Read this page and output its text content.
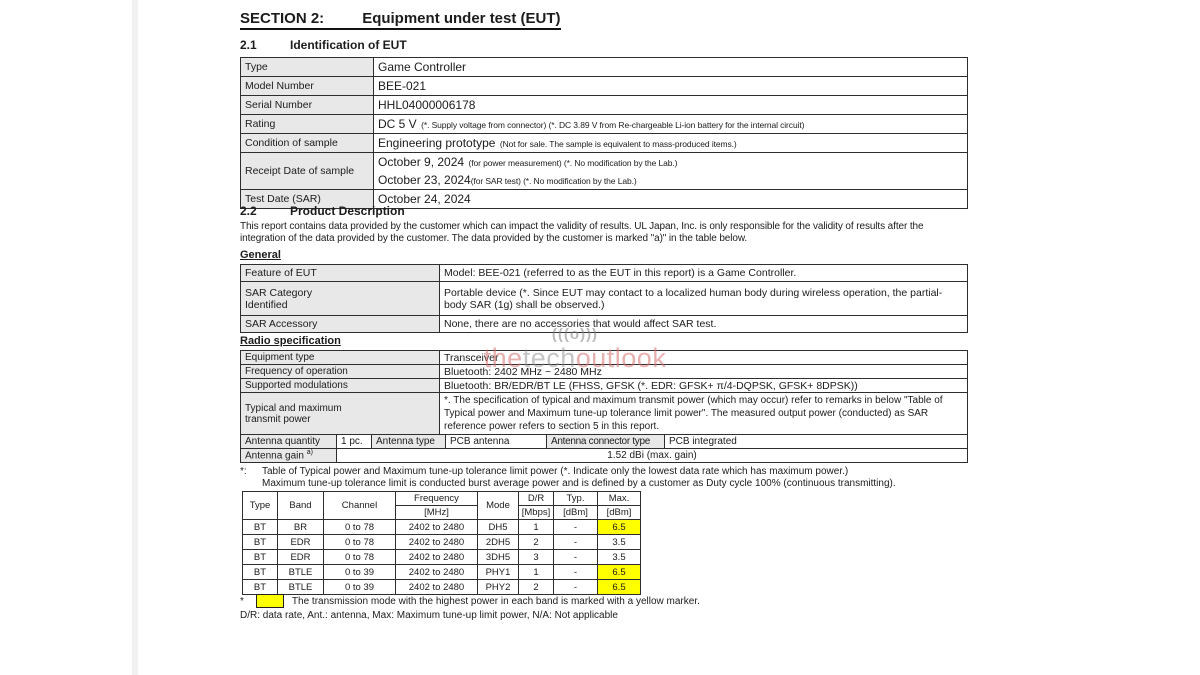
SECTION 2:	Equipment under test (EUT)
2.1	Identification of EUT
Type	Game Controller
Model Number	BEE-021
Serial Number	HHL04000006178
Rating	DC 5 V (*. Supply voltage from connector) (*. DC 3.89 V from Re-chargeable Li-ion battery for the internal circuit)
Condition of sample	Engineering prototype (Not for sale. The sample is equivalent to mass-produced items.)
Receipt Date of sample	October 9, 2024 (for power measurement) (*. No modification by the Lab.)
October 23, 2024(for SAR test) (*. No modification by the Lab.)

Test Date (SAR)	October 24, 2024
2.2	Product Description
This report contains data provided by the customer which can impact the validity of results. UL Japan, Inc. is only responsible for the validity of results after the integration of the data provided by the customer. The data provided by the customer is marked "a)" in the table below.
General
Feature of EUT	Model: BEE-021 (referred to as the EUT in this report) is a Game Controller.
SAR Category Identified	Portable device (*. Since EUT may contact to a localized human body during wireless operation, the partial-body SAR (1g) shall be observed.)
SAR Accessory	None, there are no accessories that would affect SAR test.
Radio specification
Equipment type	Transceiver
Frequency of operation	Bluetooth: 2402 MHz ~ 2480 MHz
Supported modulations	Bluetooth: BR/EDR/BT LE (FHSS, GFSK (*. EDR: GFSK+ π/4-DQPSK, GFSK+ 8DPSK))
Typical and maximum transmit power	*. The specification of typical and maximum transmit power (which may occur) refer to remarks in below "Table of Typical power and Maximum tune-up tolerance limit power". The measured output power (conducted) as SAR reference power refers to section 5 in this report.
Antenna quantity	1 pc.	Antenna type	PCB antenna	Antenna connector type	PCB integrated
Antenna gain $^{a)}$	1.52 dBi (max. gain)
*: Table of Typical power and Maximum tune-up tolerance limit power (*. Indicate only the lowest data rate which has maximum power.)
Maximum tune-up tolerance limit is conducted burst average power and is defined by a customer as Duty cycle 100% (continuous transmitting).
Type	Band	Channel	Frequency	Mode	D/R	Typ.	Max.
			[MHz]		[Mbps]	[dBm]	[dBm]
BT	BR	0 to 78	2402 to 2480	DH5	1	-	6.5
BT	EDR	0 to 78	2402 to 2480	2DH5	2	-	3.5
BT	EDR	0 to 78	2402 to 2480	3DH5	3	-	3.5
BT	BTLE	0 to 39	2402 to 2480	PHY1	1	-	6.5
BT	BTLE	0 to 39	2402 to 2480	PHY2	2	-	6.5
*	The transmission mode with the highest power in each band is marked with a yellow marker.
D/R: data rate, Ant.: antenna, Max: Maximum tune-up limit power, N/A: Not applicable
(((o)))
thetechoutlook
